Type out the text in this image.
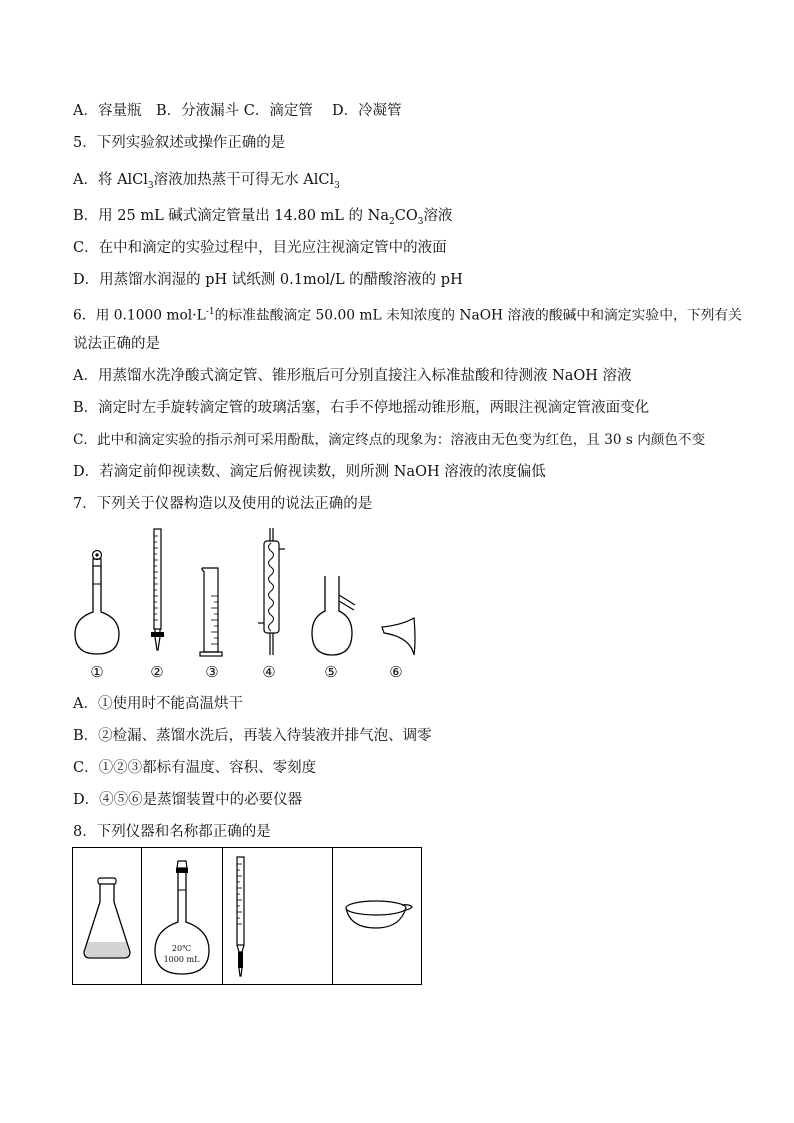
A．容量瓶　B．分液漏斗 C．滴定管　 D．冷凝管
5．下列实验叙述或操作正确的是
A．将 AlCl$_3$溶液加热蒸干可得无水 AlCl$_3$
B．用 25 mL 碱式滴定管量出 14.80 mL 的 $Na_2CO_3$溶液
C．在中和滴定的实验过程中，目光应注视滴定管中的液面
D．用蒸馏水润湿的 pH 试纸测 0.1mol/L 的醋酸溶液的 pH
6．用 0.1000 $mol\cdot L^{-1}$的标准盐酸滴定 50.00 mL 未知浓度的 NaOH 溶液的酸碱中和滴定实验中，下列有关
说法正确的是
A．用蒸馏水洗净酸式滴定管、锥形瓶后可分别直接注入标准盐酸和待测液 NaOH 溶液
B．滴定时左手旋转滴定管的玻璃活塞，右手不停地摇动锥形瓶，两眼注视滴定管液面变化
C．此中和滴定实验的指示剂可采用酚酞，滴定终点的现象为：溶液由无色变为红色，且 30 s 内颜色不变
D．若滴定前仰视读数、滴定后俯视读数，则所测 NaOH 溶液的浓度偏低
7．下列关于仪器构造以及使用的说法正确的是
①	②	③	④	⑤	⑥
A．①使用时不能高温烘干
B．②检漏、蒸馏水洗后，再装入待装液并排气泡、调零
C．①②③都标有温度、容积、零刻度
D．④⑤⑥是蒸馏装置中的必要仪器
8．下列仪器和名称都正确的是
20℃
1000 mL
